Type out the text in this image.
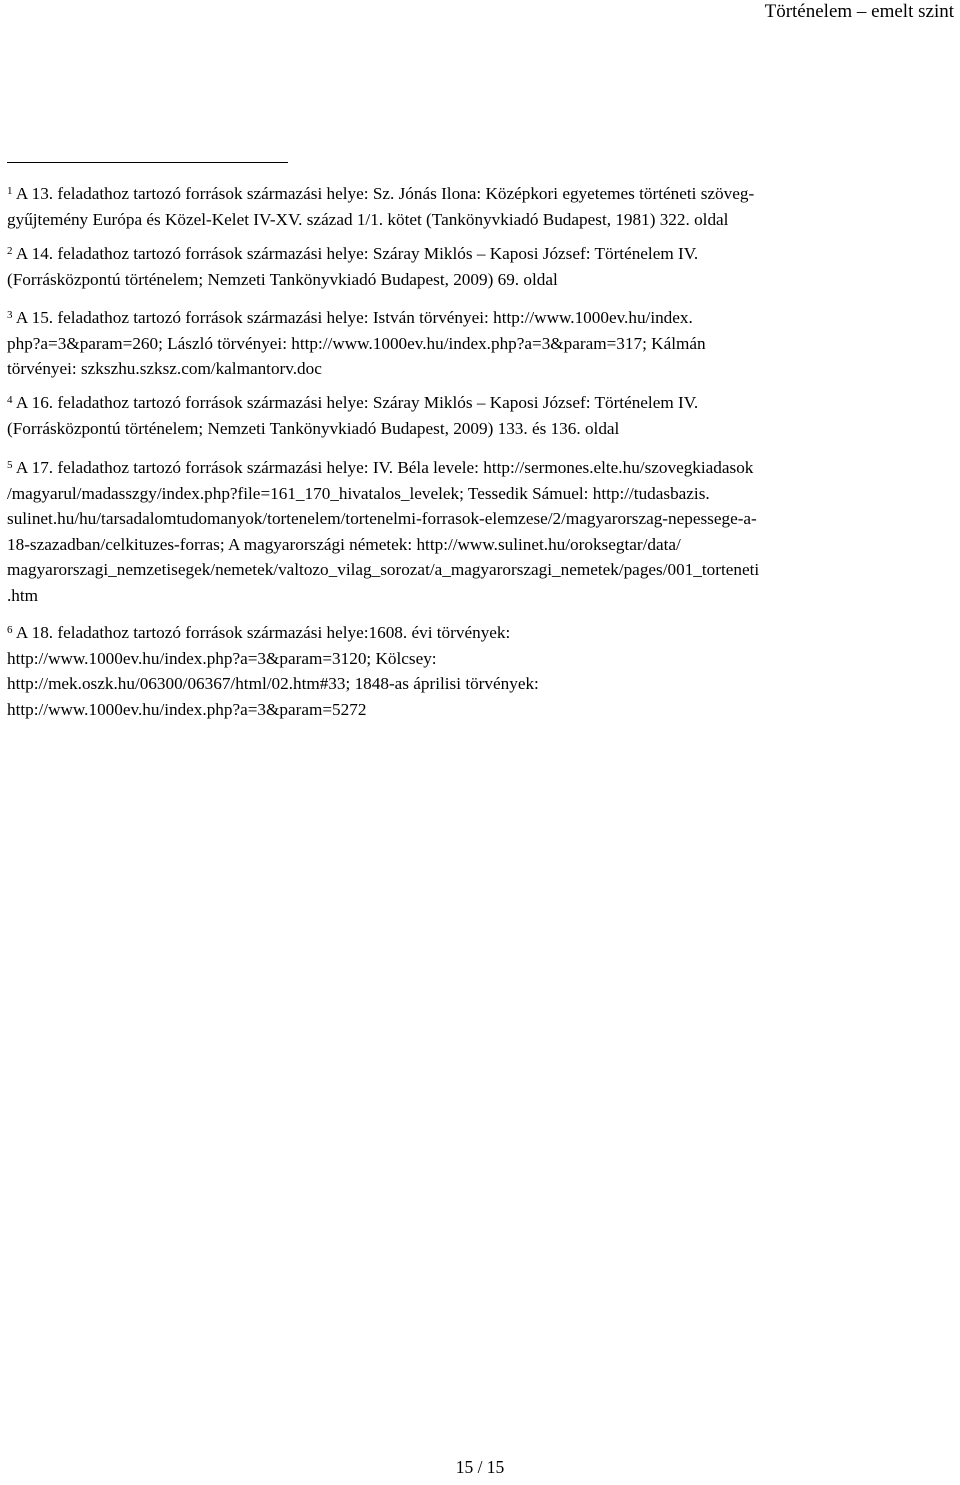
Történelem – emelt szint
$^1$ A 13. feladathoz tartozó források származási helye: Sz. Jónás Ilona: Középkori egyetemes történeti szöveg-
gyűjtemény Európa és Közel-Kelet IV-XV. század 1/1. kötet (Tankönyvkiadó Budapest, 1981) 322. oldal
$^2$ A 14. feladathoz tartozó források származási helye: Száray Miklós – Kaposi József: Történelem IV.
(Forrásközpontú történelem; Nemzeti Tankönyvkiadó Budapest, 2009) 69. oldal
$^3$ A 15. feladathoz tartozó források származási helye: István törvényei: http://www.1000ev.hu/index.
php?a=3&param=260; László törvényei: http://www.1000ev.hu/index.php?a=3&param=317; Kálmán
törvényei: szkszhu.szksz.com/kalmantorv.doc
$^4$ A 16. feladathoz tartozó források származási helye: Száray Miklós – Kaposi József: Történelem IV.
(Forrásközpontú történelem; Nemzeti Tankönyvkiadó Budapest, 2009) 133. és 136. oldal
$^5$ A 17. feladathoz tartozó források származási helye: IV. Béla levele: http://sermones.elte.hu/szovegkiadasok
/magyarul/madasszgy/index.php?file=161_170_hivatalos_levelek; Tessedik Sámuel: http://tudasbazis.
sulinet.hu/hu/tarsadalomtudomanyok/tortenelem/tortenelmi-forrasok-elemzese/2/magyarorszag-nepessege-a-
18-szazadban/celkituzes-forras; A magyarországi németek: http://www.sulinet.hu/oroksegtar/data/
magyarorszagi_nemzetisegek/nemetek/valtozo_vilag_sorozat/a_magyarorszagi_nemetek/pages/001_torteneti
.htm
$^6$ A 18. feladathoz tartozó források származási helye:1608. évi törvények:
http://www.1000ev.hu/index.php?a=3&param=3120; Kölcsey:
http://mek.oszk.hu/06300/06367/html/02.htm#33; 1848-as áprilisi törvények:
http://www.1000ev.hu/index.php?a=3&param=5272
15 / 15
